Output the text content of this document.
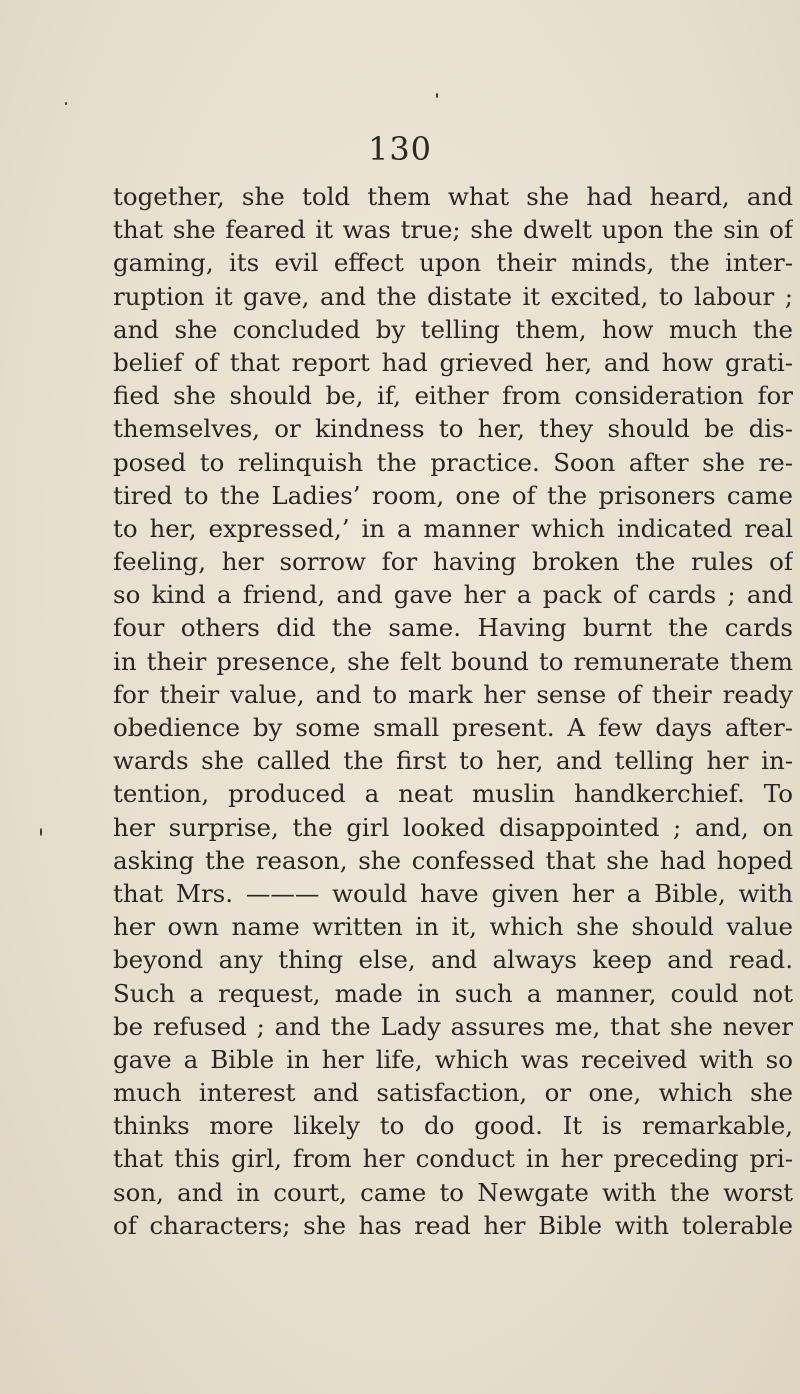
130
together, she told them what she had heard, and
that she feared it was true; she dwelt upon the sin of
gaming, its evil effect upon their minds, the inter-
ruption it gave, and the distate it excited, to labour ;
and she concluded by telling them, how much the
belief of that report had grieved her, and how grati-
fied she should be, if, either from consideration for
themselves, or kindness to her, they should be dis-
posed to relinquish the practice. Soon after she re-
tired to the Ladies’ room, one of the prisoners came
to her, expressed,’ in a manner which indicated real
feeling, her sorrow for having broken the rules of
so kind a friend, and gave her a pack of cards ; and
four others did the same. Having burnt the cards
in their presence, she felt bound to remunerate them
for their value, and to mark her sense of their ready
obedience by some small present. A few days after-
wards she called the first to her, and telling her in-
tention, produced a neat muslin handkerchief. To
her surprise, the girl looked disappointed ; and, on
asking the reason, she confessed that she had hoped
that Mrs. ——— would have given her a Bible, with
her own name written in it, which she should value
beyond any thing else, and always keep and read.
Such a request, made in such a manner, could not
be refused ; and the Lady assures me, that she never
gave a Bible in her life, which was received with so
much interest and satisfaction, or one, which she
thinks more likely to do good. It is remarkable,
that this girl, from her conduct in her preceding pri-
son, and in court, came to Newgate with the worst
of characters; she has read her Bible with tolerable
